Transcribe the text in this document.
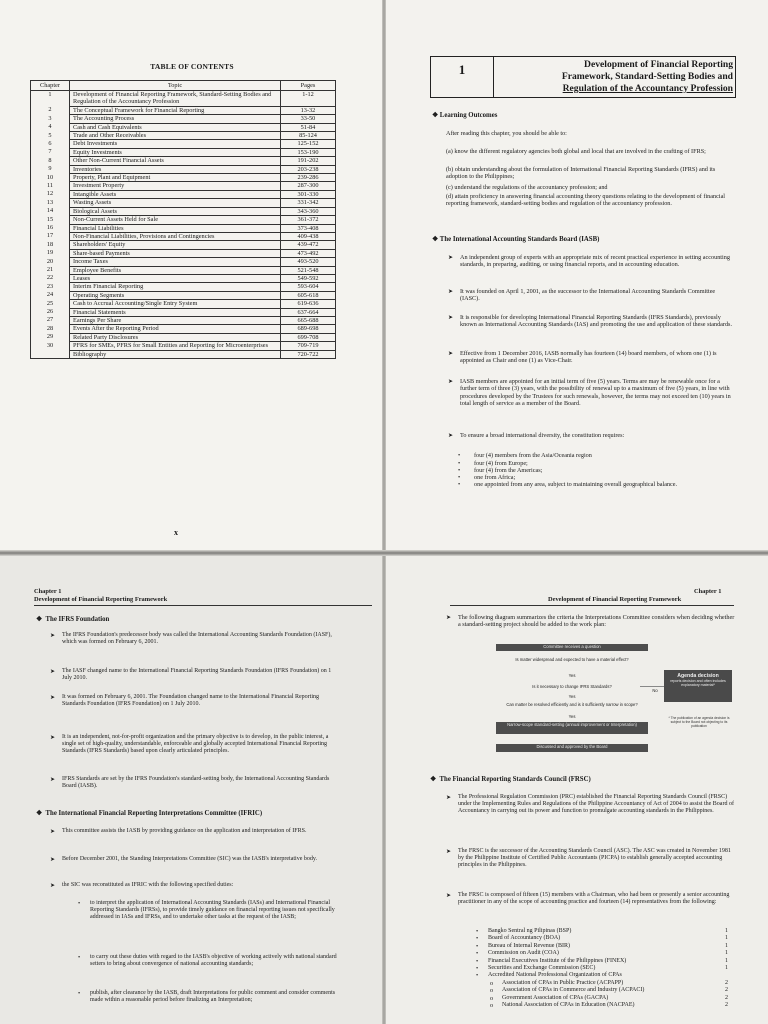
TABLE OF CONTENTS
Chapter	Topic	Pages
1	Development of Financial Reporting Framework, Standard-Setting Bodies and Regulation of the Accountancy Profession	1-12
2	The Conceptual Framework for Financial Reporting	13-32
3	The Accounting Process	33-50
4	Cash and Cash Equivalents	51-84
5	Trade and Other Receivables	85-124
6	Debt Investments	125-152
7	Equity Investments	153-190
8	Other Non-Current Financial Assets	191-202
9	Inventories	203-238
10	Property, Plant and Equipment	239-286
11	Investment Property	287-300
12	Intangible Assets	301-330
13	Wasting Assets	331-342
14	Biological Assets	343-360
15	Non-Current Assets Held for Sale	361-372
16	Financial Liabilities	373-408
17	Non-Financial Liabilities, Provisions and Contingencies	409-438
18	Shareholders' Equity	439-472
19	Share-based Payments	473-492
20	Income Taxes	493-520
21	Employee Benefits	521-548
22	Leases	549-592
23	Interim Financial Reporting	593-604
24	Operating Segments	605-618
25	Cash to Accrual Accounting/Single Entry System	619-636
26	Financial Statements	637-664
27	Earnings Per Share	665-688
28	Events After the Reporting Period	689-698
29	Related Party Disclosures	699-708
30	PFRS for SMEs, PFRS for Small Entities and Reporting for Microenterprises	709-719
	Bibliography	720-722
x
1	Development of Financial Reporting
Framework, Standard-Setting Bodies and
Regulation of the Accountancy Profession
❖ Learning Outcomes
After reading this chapter, you should be able to:
(a) know the different regulatory agencies both global and local that are involved in the crafting of IFRS;
(b) obtain understanding about the formulation of International Financial Reporting Standards (IFRS) and its adoption to the Philippines;
(c) understand the regulations of the accountancy profession; and
(d) attain proficiency in answering financial accounting theory questions relating to the development of financial reporting framework, standard-setting bodies and regulation of the accountancy profession.
❖ The International Accounting Standards Board (IASB)
➤ An independent group of experts with an appropriate mix of recent practical experience in setting accounting standards, in preparing, auditing, or using financial reports, and in accounting education.
➤ It was founded on April 1, 2001, as the successor to the International Accounting Standards Committee (IASC).
➤ It is responsible for developing International Financial Reporting Standards (IFRS Standards), previously known as International Accounting Standards (IAS) and promoting the use and application of these standards.
➤ Effective from 1 December 2016, IASB normally has fourteen (14) board members, of whom one (1) is appointed as Chair and one (1) as Vice-Chair.
➤ IASB members are appointed for an initial term of five (5) years. Terms are may be renewable once for a further term of three (3) years, with the possibility of renewal up to a maximum of five (5) years, in line with procedures developed by the Trustees for such renewals, however, the terms may not exceed ten (10) years in total length of service as a member of the Board.
➤ To ensure a broad international diversity, the constitution requires:
• four (4) members from the Asia/Oceania region
• four (4) from Europe;
• four (4) from the Americas;
• one from Africa;
• one appointed from any area, subject to maintaining overall geographical balance.
Chapter 1
Development of Financial Reporting Framework
❖  The IFRS Foundation
➤ The IFRS Foundation's predecessor body was called the International Accounting Standards Foundation (IASF), which was formed on February 6, 2001.
➤ The IASF changed name to the International Financial Reporting Standards Foundation (IFRS Foundation) on 1 July 2010.
➤ It was formed on February 6, 2001. The Foundation changed name to the International Financial Reporting Standards Foundation (IFRS Foundation) on 1 July 2010.
➤ It is an independent, not-for-profit organization and the primary objective is to develop, in the public interest, a single set of high-quality, understandable, enforceable and globally accepted International Financial Reporting Standards (IFRS Standards) based upon clearly articulated principles.
➤ IFRS Standards are set by the IFRS Foundation's standard-setting body, the International Accounting Standards Board (IASB).
❖  The International Financial Reporting Interpretations Committee (IFRIC)
➤ This committee assists the IASB by providing guidance on the application and interpretation of IFRS.
➤ Before December 2001, the Standing Interpretations Committee (SIC) was the IASB's interpretative body.
➤ the SIC was reconstituted as IFRIC with the following specified duties:
• to interpret the application of International Accounting Standards (IASs) and International Financial Reporting Standards (IFRSs), to provide timely guidance on financial reporting issues not specifically addressed in IASs and IFRSs, and to undertake other tasks at the request of the IASB;
• to carry out these duties with regard to the IASB's objective of working actively with national standard setters to bring about convergence of national accounting standards;
• publish, after clearance by the IASB, draft Interpretations for public comment and consider comments made within a reasonable period before finalizing an Interpretation;
Chapter 1
Development of Financial Reporting Framework
➤ The following diagram summarizes the criteria the Interpretations Committee considers when deciding whether a standard-setting project should be added to the work plan:
Committee receives a question
Is matter widespread and expected to have a material effect?
Yes
Is it necessary to change IFRS Standards?
No
Yes
Can matter be resolved efficiently and is it sufficiently narrow in scope?
Yes
Narrow-scope standard-setting (annual improvement or Interpretation)
Discussed and approved by the Board
Agenda decision
reports decision and often includes explanatory material*
* The publication of an agenda decision is subject to the Board not objecting to its publication
❖  The Financial Reporting Standards Council (FRSC)
➤ The Professional Regulation Commission (PRC) established the Financial Reporting Standards Council (FRSC) under the Implementing Rules and Regulations of the Philippine Accountancy of Act of 2004 to assist the Board of Accountancy in carrying out its power and function to promulgate accounting standards in the Philippines.
➤ The FRSC is the successor of the Accounting Standards Council (ASC). The ASC was created in November 1981 by the Philippine Institute of Certified Public Accountants (PICPA) to establish generally accepted accounting principles in the Philippines.
➤ The FRSC is composed of fifteen (15) members with a Chairman, who had been or presently a senior accounting practitioner in any of the scope of accounting practice and fourteen (14) representatives from the following:
• Bangko Sentral ng Pilipinas (BSP)	1
• Board of Accountancy (BOA)	1
• Bureau of Internal Revenue (BIR)	1
• Commission on Audit (COA)	1
• Financial Executives Institute of the Philippines (FINEX)	1
• Securities and Exchange Commission (SEC)	1
• Accredited National Professional Organization of CPAs
o Association of CPAs in Public Practice (ACPAPP)	2
o Association of CPAs in Commerce and Industry (ACPACI)	2
o Government Association of CPAs (GACPA)	2
o National Association of CPAs in Education (NACPAE)	2
